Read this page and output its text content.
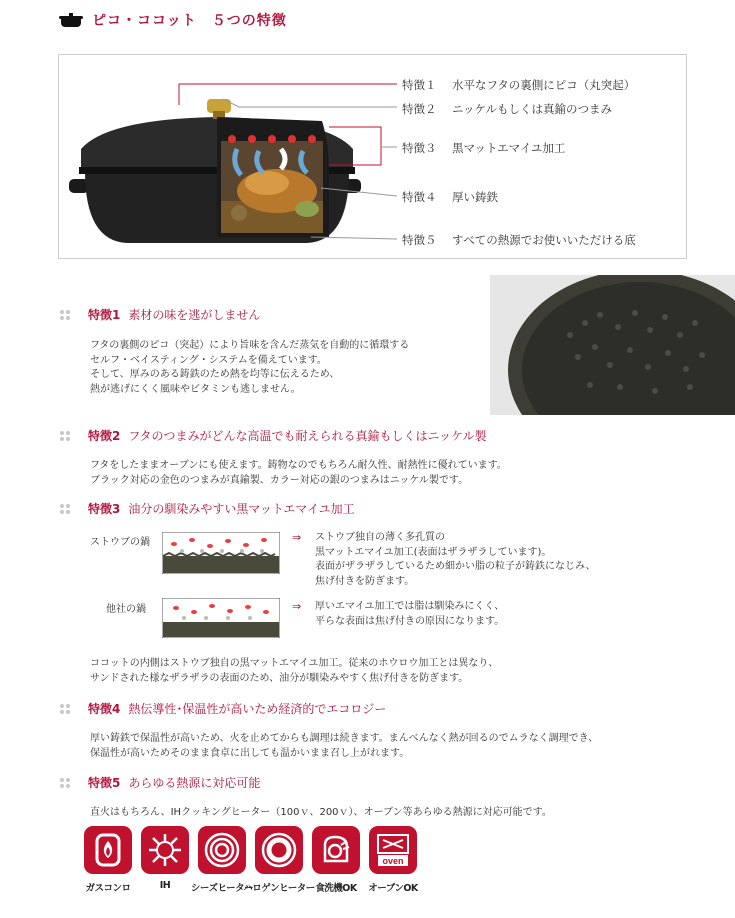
ピコ・ココット　５つの特徴
特徴１ 水平なフタの裏側にピコ（丸突起）
特徴２ ニッケルもしくは真鍮のつまみ
特徴３ 黒マットエマイユ加工
特徴４ 厚い鋳鉄
特徴５ すべての熱源でお使いいただける底
特徴1 素材の味を逃がしません
フタの裏側のピコ（突起）により旨味を含んだ蒸気を自動的に循環する
セルフ・ベイスティング・システムを備えています。
そして、厚みのある鋳鉄のため熱を均等に伝えるため、
熱が逃げにくく風味やビタミンも逃しません。
特徴2 フタのつまみがどんな高温でも耐えられる真鍮もしくはニッケル製
フタをしたままオーブンにも使えます。鋳物なのでもちろん耐久性、耐熱性に優れています。
ブラック対応の金色のつまみが真鍮製、カラー対応の銀のつまみはニッケル製です。
特徴3 油分の馴染みやすい黒マットエマイユ加工
ストウブの鍋	⇒ ストウブ独自の薄く多孔質の
黒マットエマイユ加工(表面はザラザラしています)。
表面がザラザラしているため細かい脂の粒子が鋳鉄になじみ、
焦げ付きを防ぎます。
他社の鍋	⇒ 厚いエマイユ加工では脂は馴染みにくく、
平らな表面は焦げ付きの原因になります。
ココットの内側はストウブ独自の黒マットエマイユ加工。従来のホウロウ加工とは異なり、
サンドされた様なザラザラの表面のため、油分が馴染みやすく焦げ付きを防ぎます。
特徴4 熱伝導性･保温性が高いため経済的でエコロジー
厚い鋳鉄で保温性が高いため、火を止めてからも調理は続きます。まんべんなく熱が回るのでムラなく調理でき、
保温性が高いためそのまま食卓に出しても温かいまま召し上がれます。
特徴5 あらゆる熱源に対応可能
直火はもちろん、IHクッキングヒーター（100ｖ、200ｖ）、オーブン等あらゆる熱源に対応可能です。
ガスコンロ	IH シーズヒーター
ハロゲンヒーター 食洗機OK
oven
オーブンOK
